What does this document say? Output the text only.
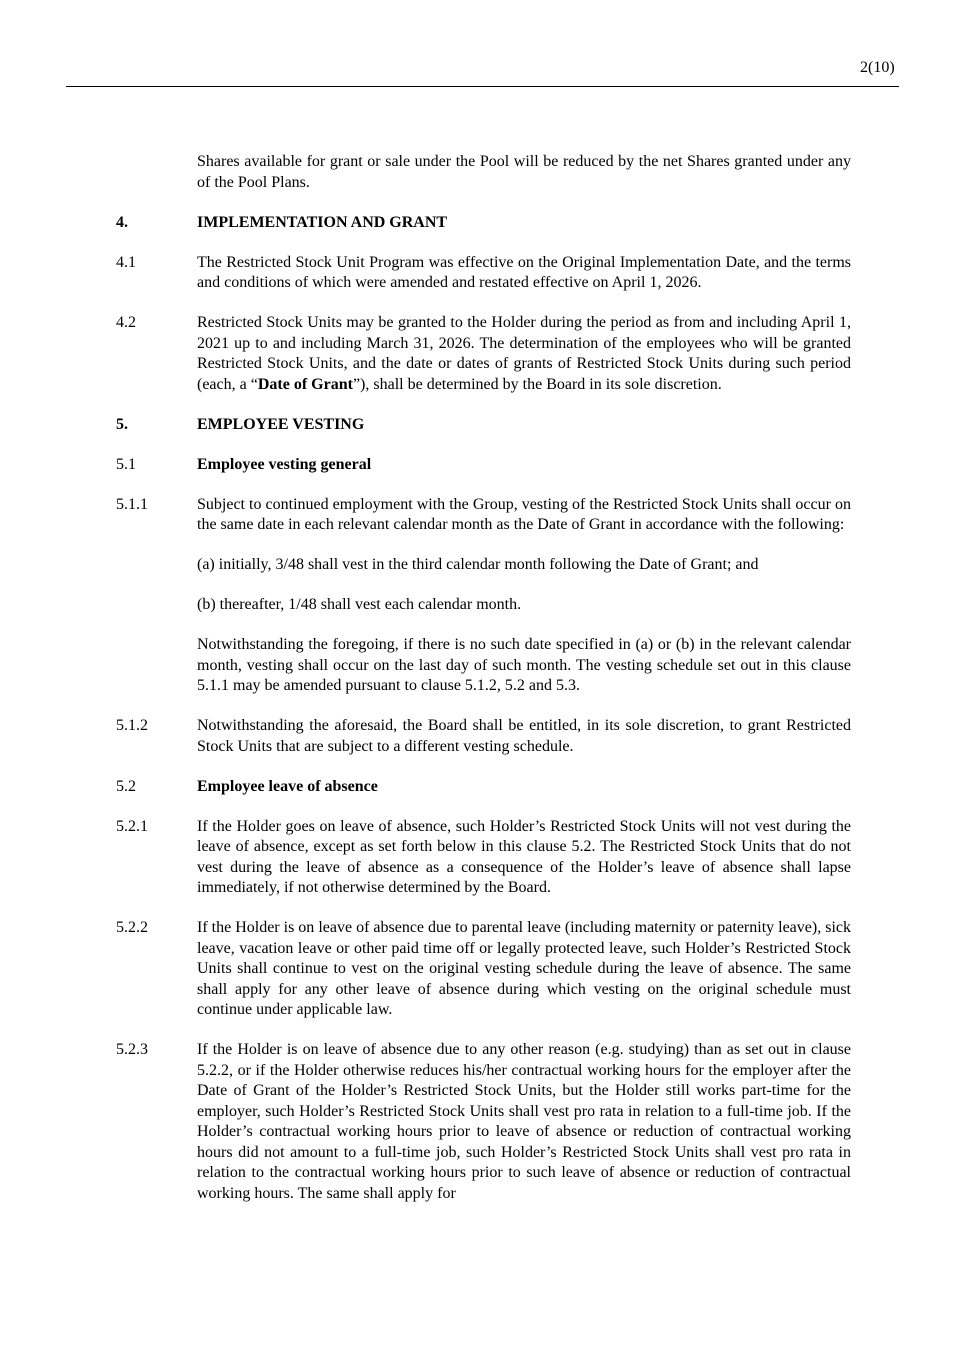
2(10)

Shares available for grant or sale under the Pool will be reduced by the net Shares granted under any of the Pool Plans.

4.	IMPLEMENTATION AND GRANT

4.1	The Restricted Stock Unit Program was effective on the Original Implementation Date, and the terms and conditions of which were amended and restated effective on April 1, 2026.

4.2	Restricted Stock Units may be granted to the Holder during the period as from and including April 1, 2021 up to and including March 31, 2026. The determination of the employees who will be granted Restricted Stock Units, and the date or dates of grants of Restricted Stock Units during such period (each, a “Date of Grant”), shall be determined by the Board in its sole discretion.

5.	EMPLOYEE VESTING

5.1	Employee vesting general

5.1.1	Subject to continued employment with the Group, vesting of the Restricted Stock Units shall occur on the same date in each relevant calendar month as the Date of Grant in accordance with the following:

(a) initially, 3/48 shall vest in the third calendar month following the Date of Grant; and

(b) thereafter, 1/48 shall vest each calendar month.

Notwithstanding the foregoing, if there is no such date specified in (a) or (b) in the relevant calendar month, vesting shall occur on the last day of such month. The vesting schedule set out in this clause 5.1.1 may be amended pursuant to clause 5.1.2, 5.2 and 5.3.

5.1.2	Notwithstanding the aforesaid, the Board shall be entitled, in its sole discretion, to grant Restricted Stock Units that are subject to a different vesting schedule.

5.2	Employee leave of absence

5.2.1	If the Holder goes on leave of absence, such Holder’s Restricted Stock Units will not vest during the leave of absence, except as set forth below in this clause 5.2. The Restricted Stock Units that do not vest during the leave of absence as a consequence of the Holder’s leave of absence shall lapse immediately, if not otherwise determined by the Board.

5.2.2	If the Holder is on leave of absence due to parental leave (including maternity or paternity leave), sick leave, vacation leave or other paid time off or legally protected leave, such Holder’s Restricted Stock Units shall continue to vest on the original vesting schedule during the leave of absence. The same shall apply for any other leave of absence during which vesting on the original schedule must continue under applicable law.

5.2.3	If the Holder is on leave of absence due to any other reason (e.g. studying) than as set out in clause 5.2.2, or if the Holder otherwise reduces his/her contractual working hours for the employer after the Date of Grant of the Holder’s Restricted Stock Units, but the Holder still works part-time for the employer, such Holder’s Restricted Stock Units shall vest pro rata in relation to a full-time job. If the Holder’s contractual working hours prior to leave of absence or reduction of contractual working hours did not amount to a full-time job, such Holder’s Restricted Stock Units shall vest pro rata in relation to the contractual working hours prior to such leave of absence or reduction of contractual working hours. The same shall apply for
